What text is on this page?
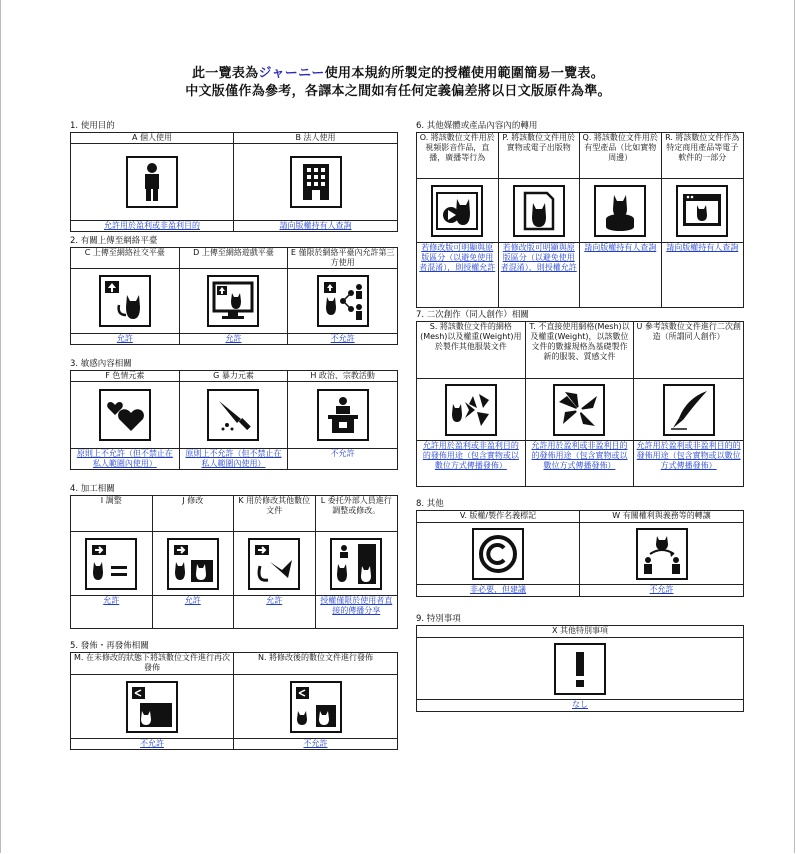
此一覽表為ジャーニー使用本規約所製定的授權使用範圍簡易一覽表。
中文版僅作為參考，各譯本之間如有任何定義偏差將以日文版原件為準。
1. 使用目的
A 個人使用
允許用於盈利或非盈利目的
B 法人使用
請向版權持有人查詢
2. 有關上傳至網絡平臺
C 上傳至網絡社交平臺
允許
D 上傳至網絡遊戲平臺
允許
E 僅限於網絡平臺內允許第三方使用
不允許
3. 敏感內容相關
F 色情元素
原則上不允許（但不禁止在私人範圍內使用）
G 暴力元素
原則上不允許（但不禁止在私人範圍內使用）
H 政治、宗教活動
不允許
4. 加工相關
I 調整
允許
J 修改
允許
K 用於修改其他數位文件
允許
L 委托外部人員進行調整或修改。
授權僅限於使用者直接的傳播分享
5. 發佈・再發佈相關
M. 在未修改的狀態下將該數位文件進行再次發佈
不允許
N. 將修改後的數位文件進行發佈
不允許
6. 其他媒體或產品內容內的轉用
O. 將該數位文件用於視頻影音作品，直播，廣播等行為
若修改版可明顯與原版區分（以避免使用者混淆），則授權允許
P. 將該數位文件用於實物或電子出版物
若修改版可明顯與原版區分（以避免使用者混淆），則授權允許
Q. 將該數位文件用於有型產品（比如實物周邊）
請向版權持有人查詢
R. 將該數位文件作為特定商用產品等電子軟件的一部分
請向版權持有人查詢
7. 二次創作（同人創作）相關
S. 將該數位文件的網格(Mesh)以及權重(Weight)用於製作其他服裝文件
允許用於盈利或非盈利目的的發佈用途（包含實物或以數位方式傳播發佈）
T. 不直接使用網格(Mesh)以及權重(Weight)，以該數位文件的數據規格為基礎製作新的服裝、質感文件
允許用於盈利或非盈利目的的發佈用途（包含實物或以數位方式傳播發佈）
U 參考該數位文件進行二次創造（所謂同人創作）
允許用於盈利或非盈利目的的發佈用途（包含實物或以數位方式傳播發佈）
8. 其他
V. 版權/製作名義標記
非必要，但建議
W 有關權利與義務等的轉讓
不允許
9. 特別事項
X 其他特別事項
なし
